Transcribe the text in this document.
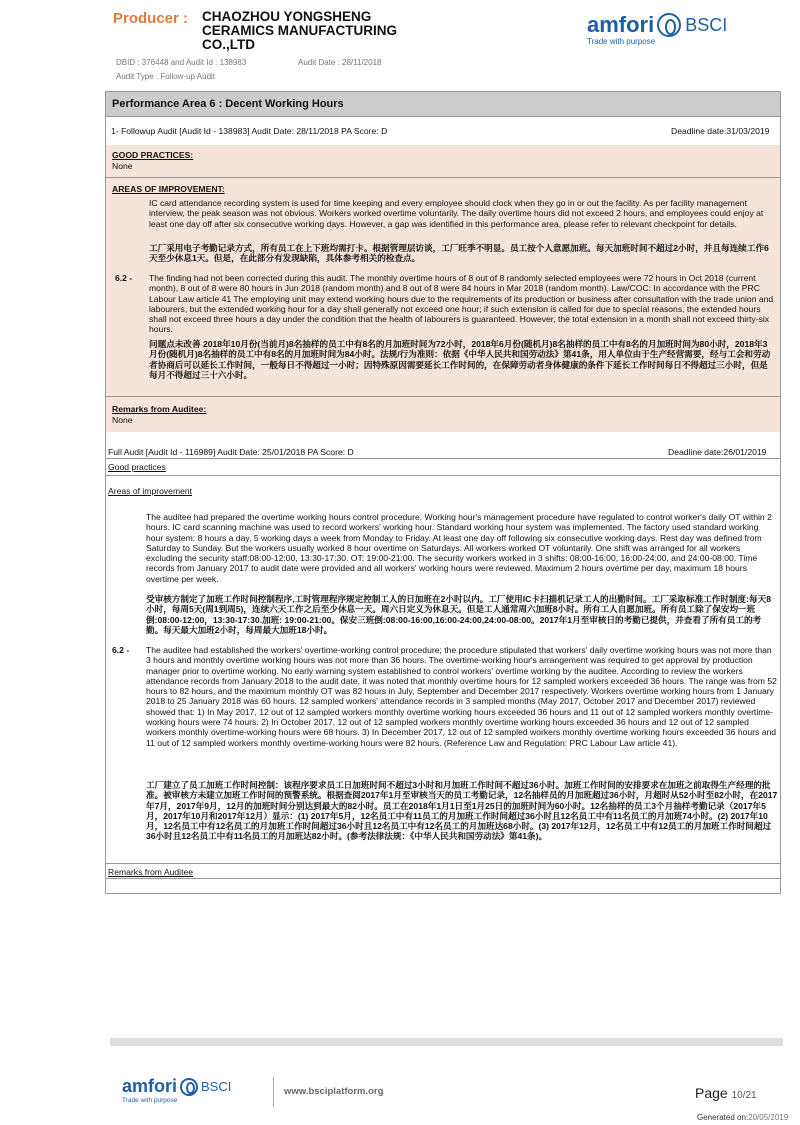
Producer : CHAOZHOU YONGSHENG CERAMICS MANUFACTURING CO.,LTD
DBID : 376448 and Audit Id : 138983	Audit Date : 28/11/2018
Audit Type : Follow-up Audit
amfori BSCI
Trade with purpose
Performance Area 6 : Decent Working Hours
1- Followup Audit [Audit Id - 138983] Audit Date: 28/11/2018 PA Score: D	Deadline date:31/03/2019
GOOD PRACTICES:
None
AREAS OF IMPROVEMENT:
IC card attendance recording system is used for time keeping and every employee should clock when they go in or out the facility. As per facility management interview, the peak season was not obvious. Workers worked overtime voluntarily. The daily overtime hours did not exceed 2 hours, and employees could enjoy at least one day off after six consecutive working days. However, a gap was identified in this performance area, please refer to relevant checkpoint for details.
工厂采用电子考勤记录方式，所有员工在上下班均需打卡。根据管理层访谈，工厂旺季不明显。员工按个人意愿加班。每天加班时间不超过2小时，并且每连续工作6天至少休息1天。但是，在此部分有发现缺陷，具体参考相关的检查点。
6.2 - The finding had not been corrected during this audit. The monthly overtime hours of 8 out of 8 randomly selected employees were 72 hours in Oct 2018 (current month), 8 out of 8 were 80 hours in Jun 2018 (random month) and 8 out of 8 were 84 hours in Mar 2018 (random month). Law/COC: In accordance with the PRC Labour Law article 41 The employing unit may extend working hours due to the requirements of its production or business after consultation with the trade union and labourers, but the extended working hour for a day shall generally not exceed one hour; if such extension is called for due to special reasons, the extended hours shall not exceed three hours a day under the condition that the health of labourers is guaranteed. However, the total extension in a month shall not exceed thirty-six hours.
问题点未改善 2018年10月份(当前月)8名抽样的员工中有8名的月加班时间为72小时，2018年6月份(随机月)8名抽样的员工中有8名的月加班时间为80小时，2018年3月份(随机月)8名抽样的员工中有8名的月加班时间为84小时。法规/行为准则：依据《中华人民共和国劳动法》第41条，用人单位由于生产经营需要，经与工会和劳动者协商后可以延长工作时间，一般每日不得超过一小时；因特殊原因需要延长工作时间的，在保障劳动者身体健康的条件下延长工作时间每日不得超过三小时，但是每月不得超过三十六小时。
Remarks from Auditee:
None
Full Audit [Audit Id - 116989] Audit Date: 25/01/2018 PA Score: D	Deadline date:26/01/2019
Good practices
Areas of improvement
The auditee had prepared the overtime working hours control procedure. Working hour's management procedure have regulated to control worker's daily OT within 2 hours. IC card scanning machine was used to record workers' working hour. Standard working hour system was implemented. The factory used standard working hour system: 8 hours a day, 5 working days a week from Monday to Friday. At least one day off following six consecutive working days. Rest day was defined from Saturday to Sunday. But the workers usually worked 8 hour overtime on Saturdays. All workers worked OT voluntarily. One shift was arranged for all workers excluding the security staff:08:00-12:00, 13:30-17:30. OT: 19:00-21:00. The security workers worked in 3 shifts: 08:00-16:00, 16:00-24:00, and 24:00-08:00. Time records from January 2017 to audit date were provided and all workers' working hours were reviewed. Maximum 2 hours overtime per day, maximum 18 hours overtime per week.
受审核方制定了加班工作时间控制程序,工时管理程序规定控制工人的日加班在2小时以内。工厂使用IC卡扫描机记录工人的出勤时间。工厂采取标准工作时制度:每天8小时，每周5天(周1到周5)，连续六天工作之后至少休息一天。周六日定义为休息天。但是工人通常周六加班8小时。所有工人自愿加班。所有员工除了保安均一班倒:08:00-12:00，13:30-17:30.加班: 19:00-21:00。保安三班倒:08:00-16:00,16:00-24:00,24:00-08:00。2017年1月至审核日的考勤已提供，并查看了所有员工的考勤。每天最大加班2小时，每周最大加班18小时。
6.2 - The auditee had established the workers' overtime-working control procedure; the procedure stipulated that workers' daily overtime working hours was not more than 3 hours and monthly overtime working hours was not more than 36 hours. The overtime-working hour's arrangement was required to get approval by production manager prior to overtime working. No early warning system established to control workers' overtime working by the auditee. According to review the workers attendance records from January 2018 to the audit date, it was noted that monthly overtime hours for 12 sampled workers exceeded 36 hours. The range was from 52 hours to 82 hours, and the maximum monthly OT was 82 hours in July, September and December 2017 respectively. Workers overtime working hours from 1 January 2018 to 25 January 2018 was 60 hours. 12 sampled workers' attendance records in 3 sampled months (May 2017, October 2017 and December 2017) reviewed showed that: 1) In May 2017, 12 out of 12 sampled workers monthly overtime working hours exceeded 36 hours and 11 out of 12 sampled workers monthly overtime-working hours were 74 hours. 2) In October 2017, 12 out of 12 sampled workers monthly overtime working hours exceeded 36 hours and 12 out of 12 sampled workers monthly overtime-working hours were 68 hours. 3) In December 2017, 12 out of 12 sampled workers monthly overtime working hours exceeded 36 hours and 11 out of 12 sampled workers monthly overtime-working hours were 82 hours. (Reference Law and Regulation: PRC Labour Law article 41).
工厂建立了员工加班工作时间控制：该程序要求员工日加班时间不超过3小时和月加班工作时间不超过36小时。加班工作时间的安排要求在加班之前取得生产经理的批准。被审核方未建立加班工作时间的预警系统。根据查阅2017年1月至审核当天的员工考勤记录，12名抽样员的月加班超过36小时，月超时从52小时至82小时，在2017年7月，2017年9月，12月的加班时间分别达到最大的82小时。员工在2018年1月1日至1月25日的加班时间为60小时。12名抽样的员工3个月抽样考勤记录（2017年5月，2017年10月和2017年12月）显示：(1) 2017年5月，12名员工中有11员工的月加班工作时间超过36小时且12名员工中有11名员工的月加班74小时。(2) 2017年10月，12名员工中有12名员工的月加班工作时间超过36小时且12名员工中有12名员工的月加班达68小时。(3) 2017年12月，12名员工中有12员工的月加班工作时间超过36小时且12名员工中有11名员工的月加班达82小时。(参考法律法规：《中华人民共和国劳动法》第41条)。
Remarks from Auditee
amfori BSCI
Trade with purpose
www.bsciplatform.org	Page 10/21
Generated on:20/05/2019
